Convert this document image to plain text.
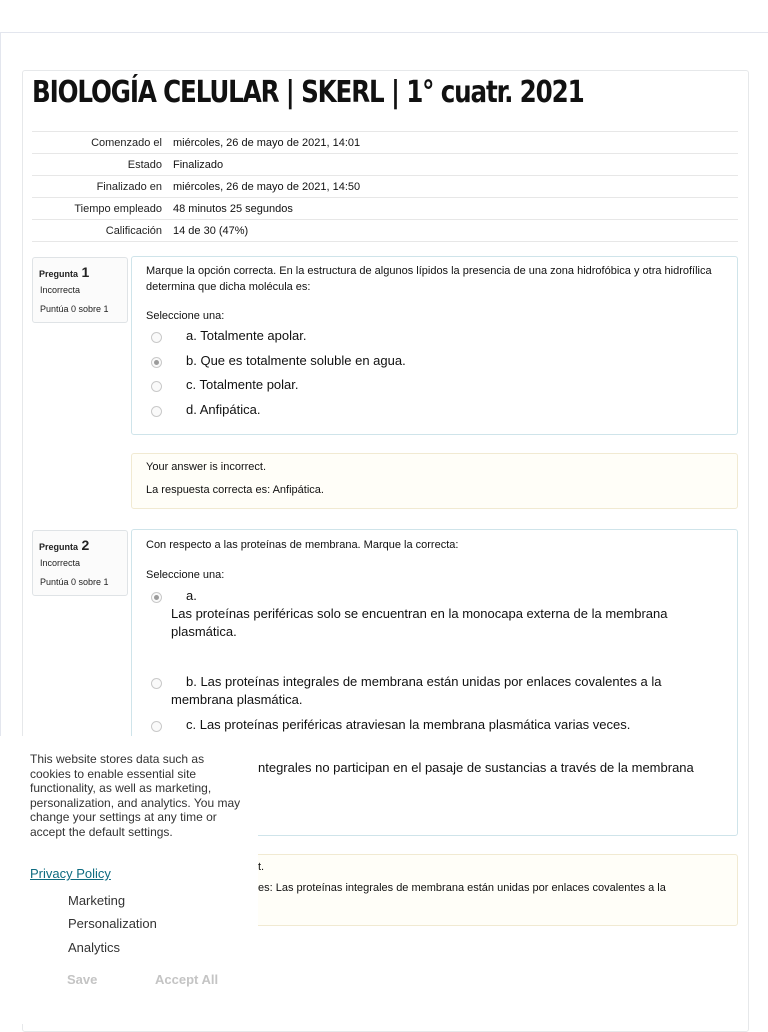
BIOLOGÍA CELULAR | SKERL | 1° cuatr. 2021
Comenzado el	miércoles, 26 de mayo de 2021, 14:01
Estado	Finalizado
Finalizado en	miércoles, 26 de mayo de 2021, 14:50
Tiempo empleado	48 minutos 25 segundos
Calificación	14 de 30 (47%)
Pregunta 1
Incorrecta
Puntúa 0 sobre 1

Marque la opción correcta. En la estructura de algunos lípidos la presencia de una zona hidrofóbica y otra hidrofílica determina que dicha molécula es:

Seleccione una:
a. Totalmente apolar.
b. Que es totalmente soluble en agua.
c. Totalmente polar.
d. Anfipática.
Your answer is incorrect.
La respuesta correcta es: Anfipática.
Pregunta 2
Incorrecta
Puntúa 0 sobre 1

Con respecto a las proteínas de membrana. Marque la correcta:

Seleccione una:
a.
Las proteínas periféricas solo se encuentran en la monocapa externa de la membrana plasmática.
b. Las proteínas integrales de membrana están unidas por enlaces covalentes a la membrana plasmática.
c. Las proteínas periféricas atraviesan la membrana plasmática varias veces.
ntegrales no participan en el pasaje de sustancias a través de la membrana
t.
es: Las proteínas integrales de membrana están unidas por enlaces covalentes a la

This website stores data such as cookies to enable essential site functionality, as well as marketing, personalization, and analytics. You may change your settings at any time or accept the default settings.

Privacy Policy
Marketing
Personalization
Analytics
Save	Accept All
